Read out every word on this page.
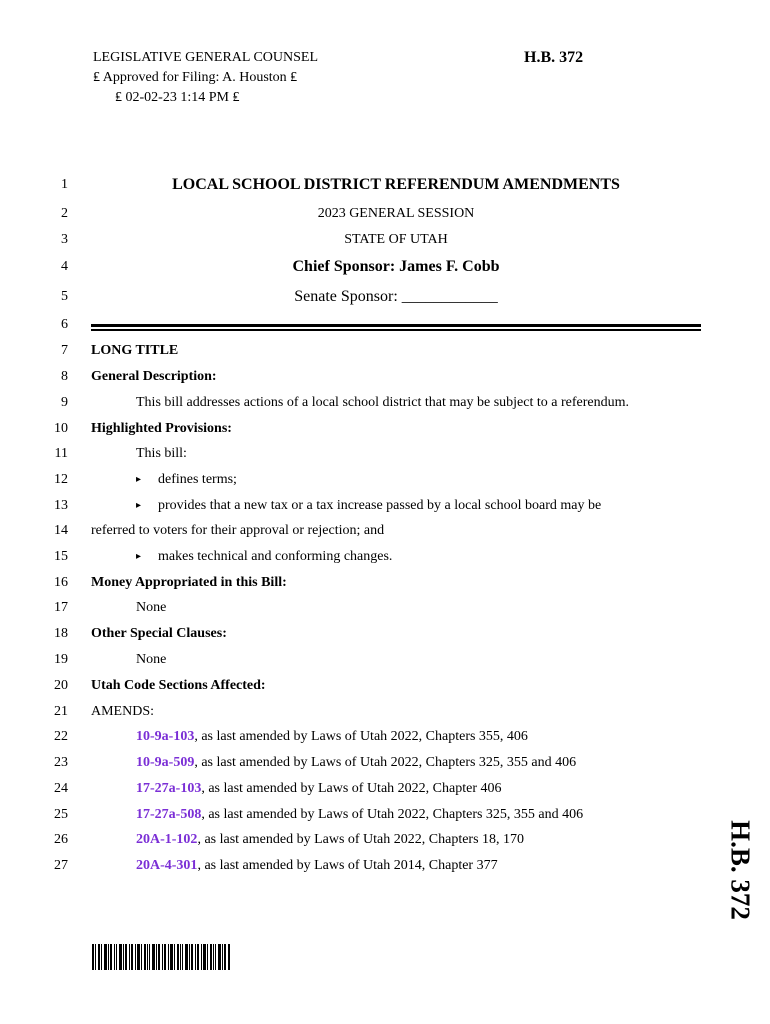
LEGISLATIVE GENERAL COUNSEL
₤ Approved for Filing: A. Houston ₤
₤ 02-02-23 1:14 PM ₤
H.B. 372
1
2
3
4
5
6
7
8
9
10
11
12
13
14
15
16
17
18
19
20
21
22
23
24
25
26
27
LOCAL SCHOOL DISTRICT REFERENDUM AMENDMENTS
2023 GENERAL SESSION
STATE OF UTAH
Chief Sponsor: James F. Cobb
Senate Sponsor: ____________
LONG TITLE
General Description:
This bill addresses actions of a local school district that may be subject to a referendum.
Highlighted Provisions:
This bill:
▸ defines terms;
▸ provides that a new tax or a tax increase passed by a local school board may be
referred to voters for their approval or rejection; and
▸ makes technical and conforming changes.
Money Appropriated in this Bill:
None
Other Special Clauses:
None
Utah Code Sections Affected:
AMENDS:
10-9a-103, as last amended by Laws of Utah 2022, Chapters 355, 406
10-9a-509, as last amended by Laws of Utah 2022, Chapters 325, 355 and 406
17-27a-103, as last amended by Laws of Utah 2022, Chapter 406
17-27a-508, as last amended by Laws of Utah 2022, Chapters 325, 355 and 406
20A-1-102, as last amended by Laws of Utah 2022, Chapters 18, 170
20A-4-301, as last amended by Laws of Utah 2014, Chapter 377	H.B. 372
